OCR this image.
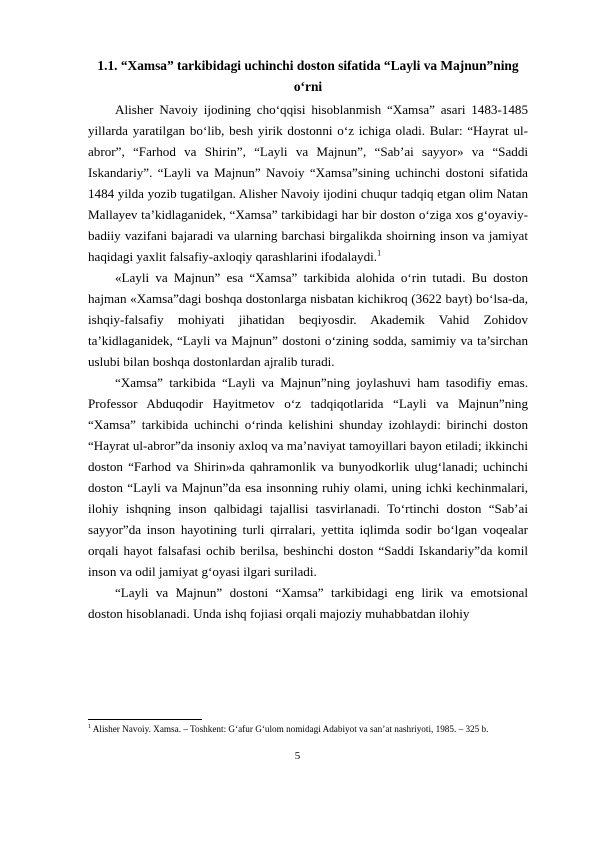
1.1. “Xamsa” tarkibidagi uchinchi doston sifatida “Layli va Majnun”ning o‘rni

Alisher Navoiy ijodining cho‘qqisi hisoblanmish “Xamsa” asari 1483-1485 yillarda yaratilgan bo‘lib, besh yirik dostonni o‘z ichiga oladi. Bular: “Hayrat ul-abror”, “Farhod va Shirin”, “Layli va Majnun”, “Sab’ai sayyor» va “Saddi Iskandariy”. “Layli va Majnun” Navoiy “Xamsa”sining uchinchi dostoni sifatida 1484 yilda yozib tugatilgan. Alisher Navoiy ijodini chuqur tadqiq etgan olim Natan Mallayev ta’kidlaganidek, “Xamsa” tarkibidagi har bir doston o‘ziga xos g‘oyaviy-badiiy vazifani bajaradi va ularning barchasi birgalikda shoirning inson va jamiyat haqidagi yaxlit falsafiy-axloqiy qarashlarini ifodalaydi.$^1$

«Layli va Majnun” esa “Xamsa” tarkibida alohida o‘rin tutadi. Bu doston hajman «Xamsa”dagi boshqa dostonlarga nisbatan kichikroq (3622 bayt) bo‘lsa-da, ishqiy-falsafiy mohiyati jihatidan beqiyosdir. Akademik Vahid Zohidov ta’kidlaganidek, “Layli va Majnun” dostoni o‘zining sodda, samimiy va ta’sirchan uslubi bilan boshqa dostonlardan ajralib turadi.

“Xamsa” tarkibida “Layli va Majnun”ning joylashuvi ham tasodifiy emas. Professor Abduqodir Hayitmetov o‘z tadqiqotlarida “Layli va Majnun”ning “Xamsa” tarkibida uchinchi o‘rinda kelishini shunday izohlaydi: birinchi doston “Hayrat ul-abror”da insoniy axloq va ma’naviyat tamoyillari bayon etiladi; ikkinchi doston “Farhod va Shirin»da qahramonlik va bunyodkorlik ulug‘lanadi; uchinchi doston “Layli va Majnun”da esa insonning ruhiy olami, uning ichki kechinmalari, ilohiy ishqning inson qalbidagi tajallisi tasvirlanadi. To‘rtinchi doston “Sab’ai sayyor”da inson hayotining turli qirralari, yettita iqlimda sodir bo‘lgan voqealar orqali hayot falsafasi ochib berilsa, beshinchi doston “Saddi Iskandariy”da komil inson va odil jamiyat g‘oyasi ilgari suriladi.

“Layli va Majnun” dostoni “Xamsa” tarkibidagi eng lirik va emotsional doston hisoblanadi. Unda ishq fojiasi orqali majoziy muhabbatdan ilohiy

$^1$ Alisher Navoiy. Xamsa. – Toshkent: G‘afur G‘ulom nomidagi Adabiyot va san’at nashriyoti, 1985. – 325 b.
5
